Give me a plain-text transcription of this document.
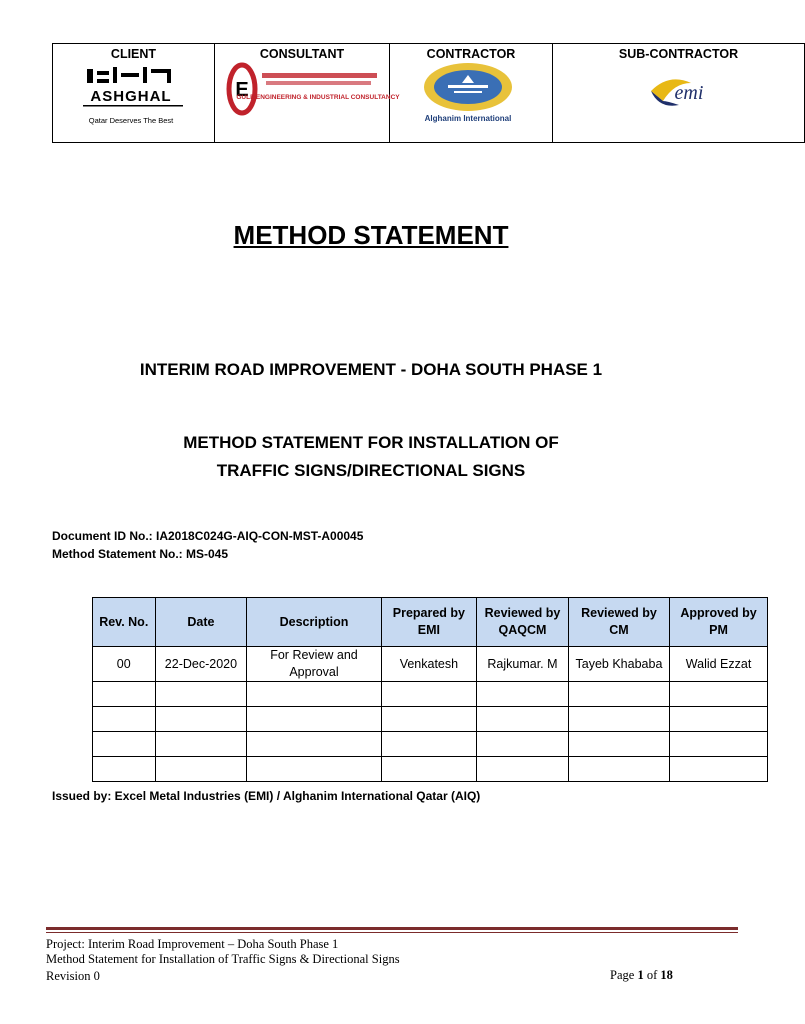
CLIENT
ASHGHAL
Qatar Deserves The Best

CONSULTANT
E
GULF ENGINEERING & INDUSTRIAL CONSULTANCY

CONTRACTOR
Alghanim International

SUB-CONTRACTOR
emi
METHOD STATEMENT
INTERIM ROAD IMPROVEMENT - DOHA SOUTH PHASE 1
METHOD STATEMENT FOR INSTALLATION OF
TRAFFIC SIGNS/DIRECTIONAL SIGNS
Document ID No.: IA2018C024G-AIQ-CON-MST-A00045
Method Statement No.: MS-045
Rev. No.	Date	Description	Prepared by EMI	Reviewed by QAQCM	Reviewed by CM	Approved by PM
00	22-Dec-2020	For Review and Approval	Venkatesh	Rajkumar. M	Tayeb Khababa	Walid Ezzat

Issued by: Excel Metal Industries (EMI) / Alghanim International Qatar (AIQ)
Project: Interim Road Improvement – Doha South Phase 1
Method Statement for Installation of Traffic Signs & Directional Signs
Revision 0	Page 1 of 18
